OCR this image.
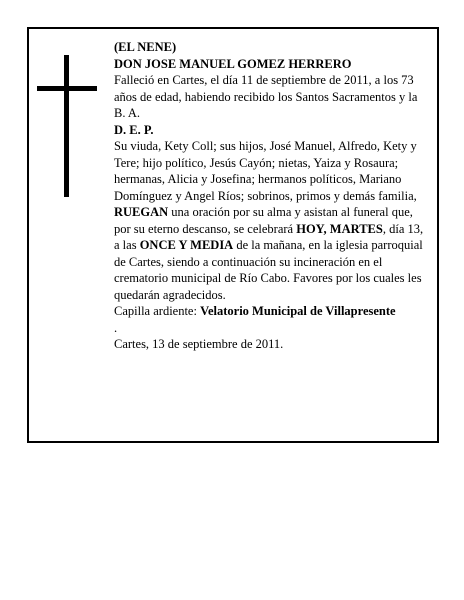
(EL NENE)

DON JOSE MANUEL GOMEZ HERRERO

Falleció en Cartes, el día 11 de septiembre de 2011, a los 73 años de edad, habiendo recibido los Santos Sacramentos y la B. A.

D. E. P.

Su viuda, Kety Coll; sus hijos, José Manuel, Alfredo, Kety y Tere; hijo político, Jesús Cayón; nietas, Yaiza y Rosaura; hermanas, Alicia y Josefina; hermanos políticos, Mariano Domínguez y Angel Ríos; sobrinos, primos y demás familia,

RUEGAN una oración por su alma y asistan al funeral que, por su eterno descanso, se celebrará HOY, MARTES, día 13, a las ONCE Y MEDIA de la mañana, en la iglesia parroquial de Cartes, siendo a continuación su incineración en el crematorio municipal de Río Cabo. Favores por los cuales les quedarán agradecidos.

Capilla ardiente: Velatorio Municipal de Villapresente

.

Cartes, 13 de septiembre de 2011.
